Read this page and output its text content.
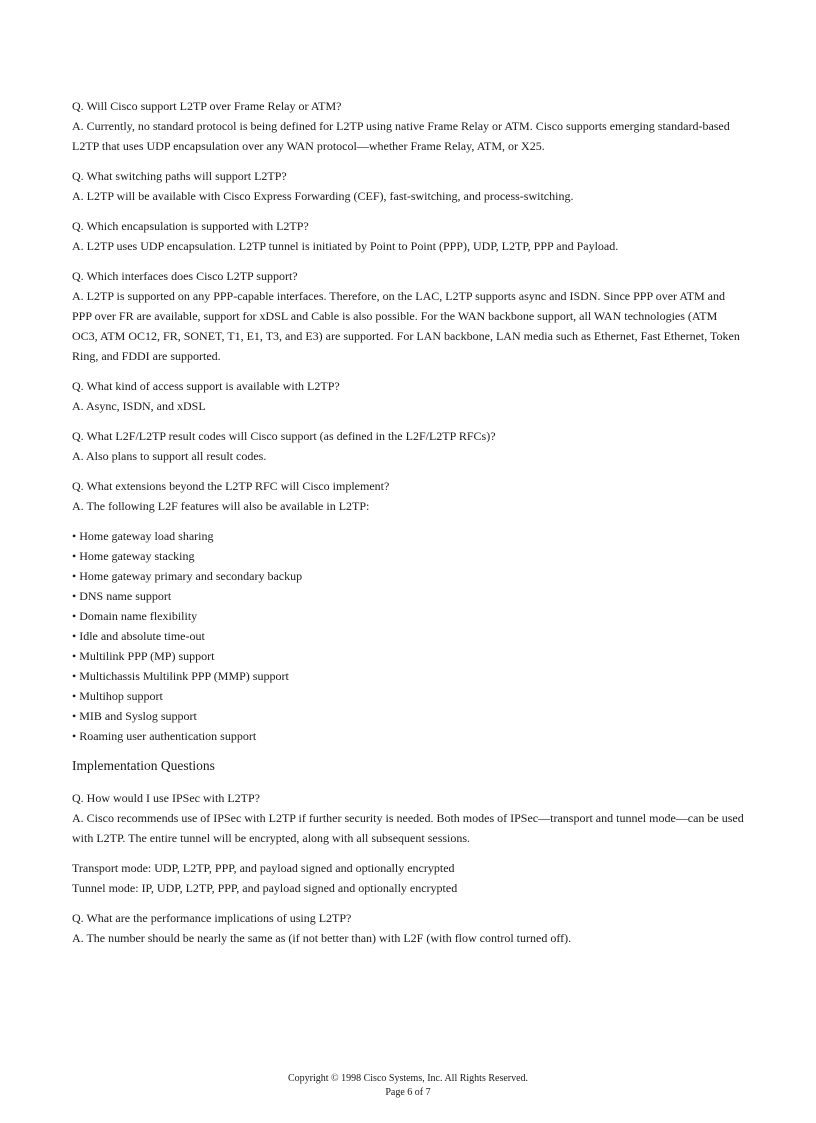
Q. Will Cisco support L2TP over Frame Relay or ATM?
A. Currently, no standard protocol is being defined for L2TP using native Frame Relay or ATM. Cisco supports emerging standard-based L2TP that uses UDP encapsulation over any WAN protocol—whether Frame Relay, ATM, or X25.
Q. What switching paths will support L2TP?
A. L2TP will be available with Cisco Express Forwarding (CEF), fast-switching, and process-switching.
Q. Which encapsulation is supported with L2TP?
A. L2TP uses UDP encapsulation. L2TP tunnel is initiated by Point to Point (PPP), UDP, L2TP, PPP and Payload.
Q. Which interfaces does Cisco L2TP support?
A. L2TP is supported on any PPP-capable interfaces. Therefore, on the LAC, L2TP supports async and ISDN. Since PPP over ATM and PPP over FR are available, support for xDSL and Cable is also possible. For the WAN backbone support, all WAN technologies (ATM OC3, ATM OC12, FR, SONET, T1, E1, T3, and E3) are supported. For LAN backbone, LAN media such as Ethernet, Fast Ethernet, Token Ring, and FDDI are supported.
Q. What kind of access support is available with L2TP?
A. Async, ISDN, and xDSL
Q. What L2F/L2TP result codes will Cisco support (as defined in the L2F/L2TP RFCs)?
A. Also plans to support all result codes.
Q. What extensions beyond the L2TP RFC will Cisco implement?
A. The following L2F features will also be available in L2TP:
• Home gateway load sharing
• Home gateway stacking
• Home gateway primary and secondary backup
• DNS name support
• Domain name flexibility
• Idle and absolute time-out
• Multilink PPP (MP) support
• Multichassis Multilink PPP (MMP) support
• Multihop support
• MIB and Syslog support
• Roaming user authentication support
Implementation Questions
Q. How would I use IPSec with L2TP?
A. Cisco recommends use of IPSec with L2TP if further security is needed. Both modes of IPSec—transport and tunnel mode—can be used with L2TP. The entire tunnel will be encrypted, along with all subsequent sessions.
Transport mode: UDP, L2TP, PPP, and payload signed and optionally encrypted
Tunnel mode: IP, UDP, L2TP, PPP, and payload signed and optionally encrypted
Q. What are the performance implications of using L2TP?
A. The number should be nearly the same as (if not better than) with L2F (with flow control turned off).
Copyright © 1998 Cisco Systems, Inc. All Rights Reserved.
Page 6 of 7
